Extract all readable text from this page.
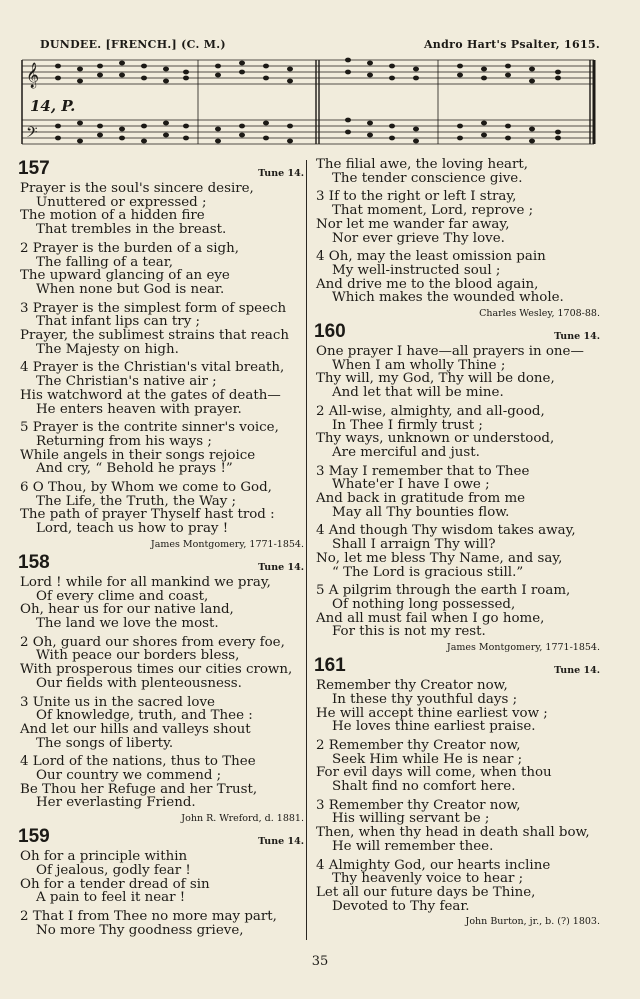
DUNDEE. [FRENCH.] (C. M.)	Andro Hart's Psalter, 1615.
𝄞
𝄢
14, P.
157	Tune 14.
Prayer is the soul's sincere desire,
Unuttered or expressed ;
The motion of a hidden fire
That trembles in the breast.
2 Prayer is the burden of a sigh,
The falling of a tear,
The upward glancing of an eye
When none but God is near.
3 Prayer is the simplest form of speech
That infant lips can try ;
Prayer, the sublimest strains that reach
The Majesty on high.
4 Prayer is the Christian's vital breath,
The Christian's native air ;
His watchword at the gates of death—
He enters heaven with prayer.
5 Prayer is the contrite sinner's voice,
Returning from his ways ;
While angels in their songs rejoice
And cry, “ Behold he prays !”
6 O Thou, by Whom we come to God,
The Life, the Truth, the Way ;
The path of prayer Thyself hast trod :
Lord, teach us how to pray !
James Montgomery, 1771-1854.
158	Tune 14.
Lord ! while for all mankind we pray,
Of every clime and coast,
Oh, hear us for our native land,
The land we love the most.
2 Oh, guard our shores from every foe,
With peace our borders bless,
With prosperous times our cities crown,
Our fields with plenteousness.
3 Unite us in the sacred love
Of knowledge, truth, and Thee :
And let our hills and valleys shout
The songs of liberty.
4 Lord of the nations, thus to Thee
Our country we commend ;
Be Thou her Refuge and her Trust,
Her everlasting Friend.
John R. Wreford, d. 1881.
159	Tune 14.
Oh for a principle within
Of jealous, godly fear !
Oh for a tender dread of sin
A pain to feel it near !
2 That I from Thee no more may part,
No more Thy goodness grieve,
The filial awe, the loving heart,
The tender conscience give.
3 If to the right or left I stray,
That moment, Lord, reprove ;
Nor let me wander far away,
Nor ever grieve Thy love.
4 Oh, may the least omission pain
My well-instructed soul ;
And drive me to the blood again,
Which makes the wounded whole.
Charles Wesley, 1708-88.
160	Tune 14.
One prayer I have—all prayers in one—
When I am wholly Thine ;
Thy will, my God, Thy will be done,
And let that will be mine.
2 All-wise, almighty, and all-good,
In Thee I firmly trust ;
Thy ways, unknown or understood,
Are merciful and just.
3 May I remember that to Thee
Whate'er I have I owe ;
And back in gratitude from me
May all Thy bounties flow.
4 And though Thy wisdom takes away,
Shall I arraign Thy will?
No, let me bless Thy Name, and say,
“ The Lord is gracious still.”
5 A pilgrim through the earth I roam,
Of nothing long possessed,
And all must fail when I go home,
For this is not my rest.
James Montgomery, 1771-1854.
161	Tune 14.
Remember thy Creator now,
In these thy youthful days ;
He will accept thine earliest vow ;
He loves thine earliest praise.
2 Remember thy Creator now,
Seek Him while He is near ;
For evil days will come, when thou
Shalt find no comfort here.
3 Remember thy Creator now,
His willing servant be ;
Then, when thy head in death shall bow,
He will remember thee.
4 Almighty God, our hearts incline
Thy heavenly voice to hear ;
Let all our future days be Thine,
Devoted to Thy fear.
John Burton, jr., b. (?) 1803.
35
